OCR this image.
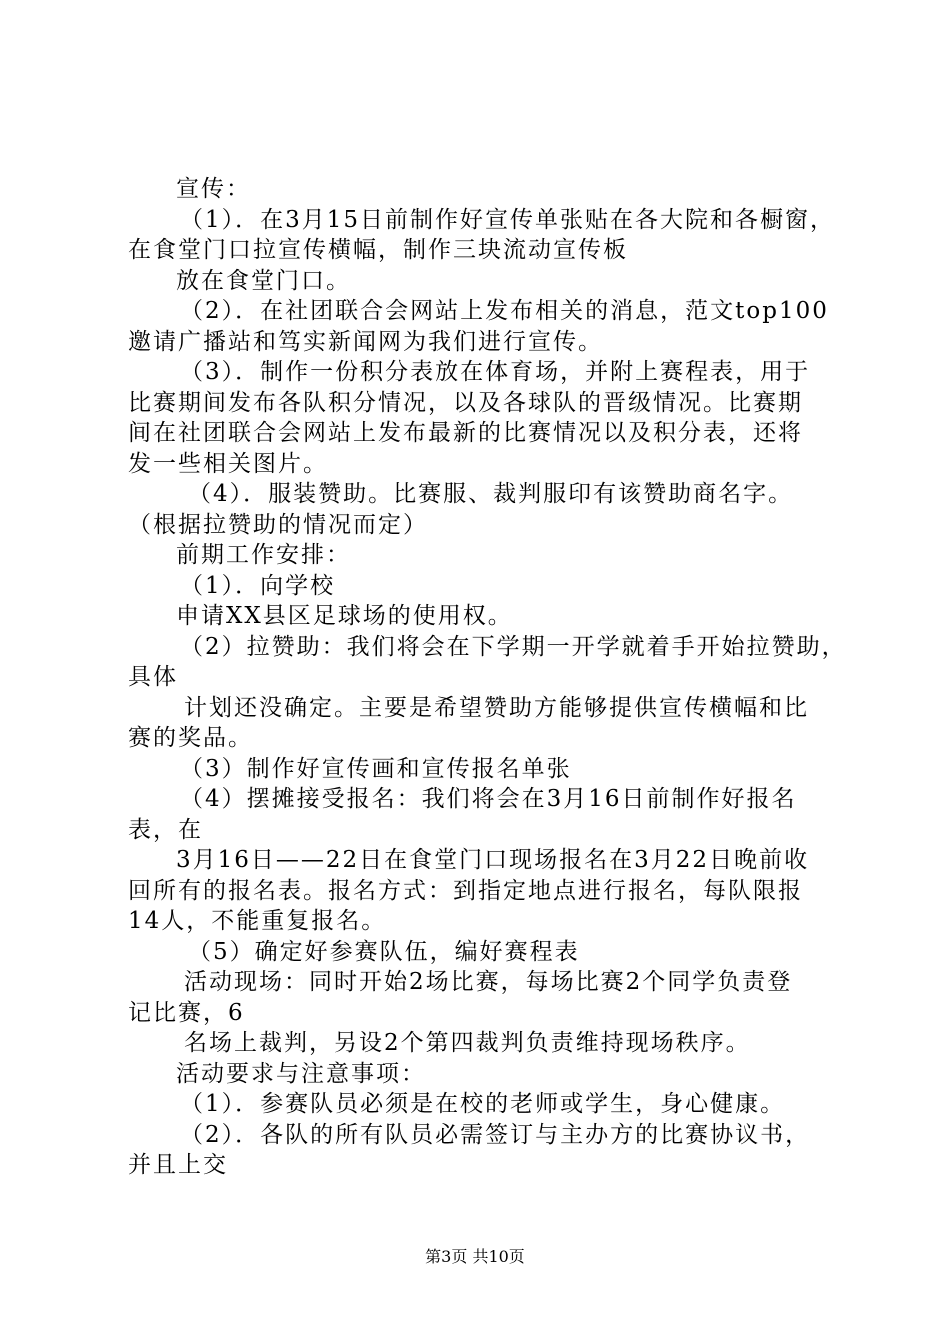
宣传：
（1）．在3月15日前制作好宣传单张贴在各大院和各橱窗，
在食堂门口拉宣传横幅，制作三块流动宣传板
放在食堂门口。
（2）．在社团联合会网站上发布相关的消息，范文top100
邀请广播站和笃实新闻网为我们进行宣传。
（3）．制作一份积分表放在体育场，并附上赛程表，用于
比赛期间发布各队积分情况，以及各球队的晋级情况。比赛期
间在社团联合会网站上发布最新的比赛情况以及积分表，还将
发一些相关图片。
（4）．服装赞助。比赛服、裁判服印有该赞助商名字。
（根据拉赞助的情况而定）
前期工作安排：
（1）．向学校
申请XX县区足球场的使用权。
（2）拉赞助：我们将会在下学期一开学就着手开始拉赞助，
具体
计划还没确定。主要是希望赞助方能够提供宣传横幅和比
赛的奖品。
（3）制作好宣传画和宣传报名单张
（4）摆摊接受报名：我们将会在3月16日前制作好报名
表，在
3月16日——22日在食堂门口现场报名在3月22日晚前收
回所有的报名表。报名方式：到指定地点进行报名，每队限报
14人，不能重复报名。
（5）确定好参赛队伍，编好赛程表
活动现场：同时开始2场比赛，每场比赛2个同学负责登
记比赛，6
名场上裁判，另设2个第四裁判负责维持现场秩序。
活动要求与注意事项：
（1）．参赛队员必须是在校的老师或学生，身心健康。
（2）．各队的所有队员必需签订与主办方的比赛协议书，
并且上交
第3页 共10页
